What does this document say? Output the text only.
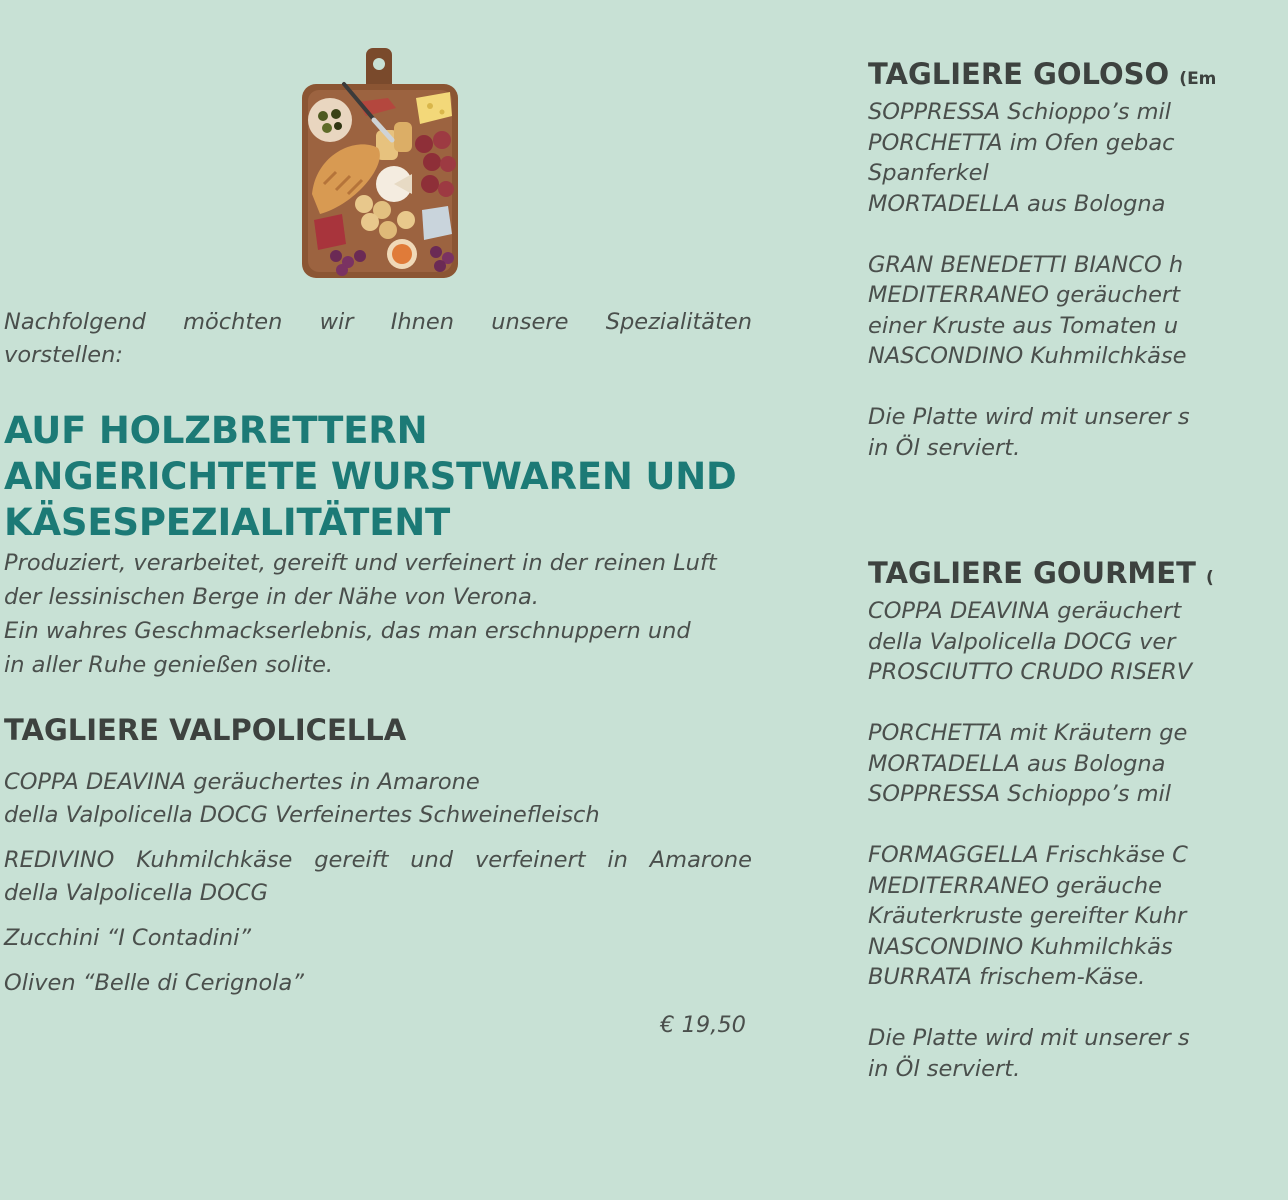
Nachfolgend möchten wir Ihnen unsere Spezialitäten

vorstellen:

AUF HOLZBRETTERN
ANGERICHTETE WURSTWAREN UND
KÄSESPEZIALITÄTENT
Produziert, verarbeitet, gereift und verfeinert in der reinen Luft
der lessinischen Berge in der Nähe von Verona.
Ein wahres Geschmackserlebnis, das man erschnuppern und
in aller Ruhe genießen solite.
TAGLIERE VALPOLICELLA
COPPA DEAVINA geräuchertes in Amarone
della Valpolicella DOCG Verfeinertes Schweinefleisch
REDIVINO Kuhmilchkäse gereift und verfeinert in Amarone
della Valpolicella DOCG
Zucchini “I Contadini”
Oliven “Belle di Cerignola”
€ 19,50
TAGLIERE GOLOSO (Em
SOPPRESSA Schioppo’s mil
PORCHETTA im Ofen gebac
Spanferkel
MORTADELLA aus Bologna
GRAN BENEDETTI BIANCO h
MEDITERRANEO geräuchert
einer Kruste aus Tomaten u
NASCONDINO Kuhmilchkäse
Die Platte wird mit unserer s
in Öl serviert.
TAGLIERE GOURMET (
COPPA DEAVINA geräuchert
della Valpolicella DOCG ver
PROSCIUTTO CRUDO RISERV
PORCHETTA mit Kräutern ge
MORTADELLA aus Bologna
SOPPRESSA Schioppo’s mil
FORMAGGELLA Frischkäse C
MEDITERRANEO geräuche
Kräuterkruste gereifter Kuhr
NASCONDINO Kuhmilchkäs
BURRATA frischem-Käse.
Die Platte wird mit unserer s
in Öl serviert.
